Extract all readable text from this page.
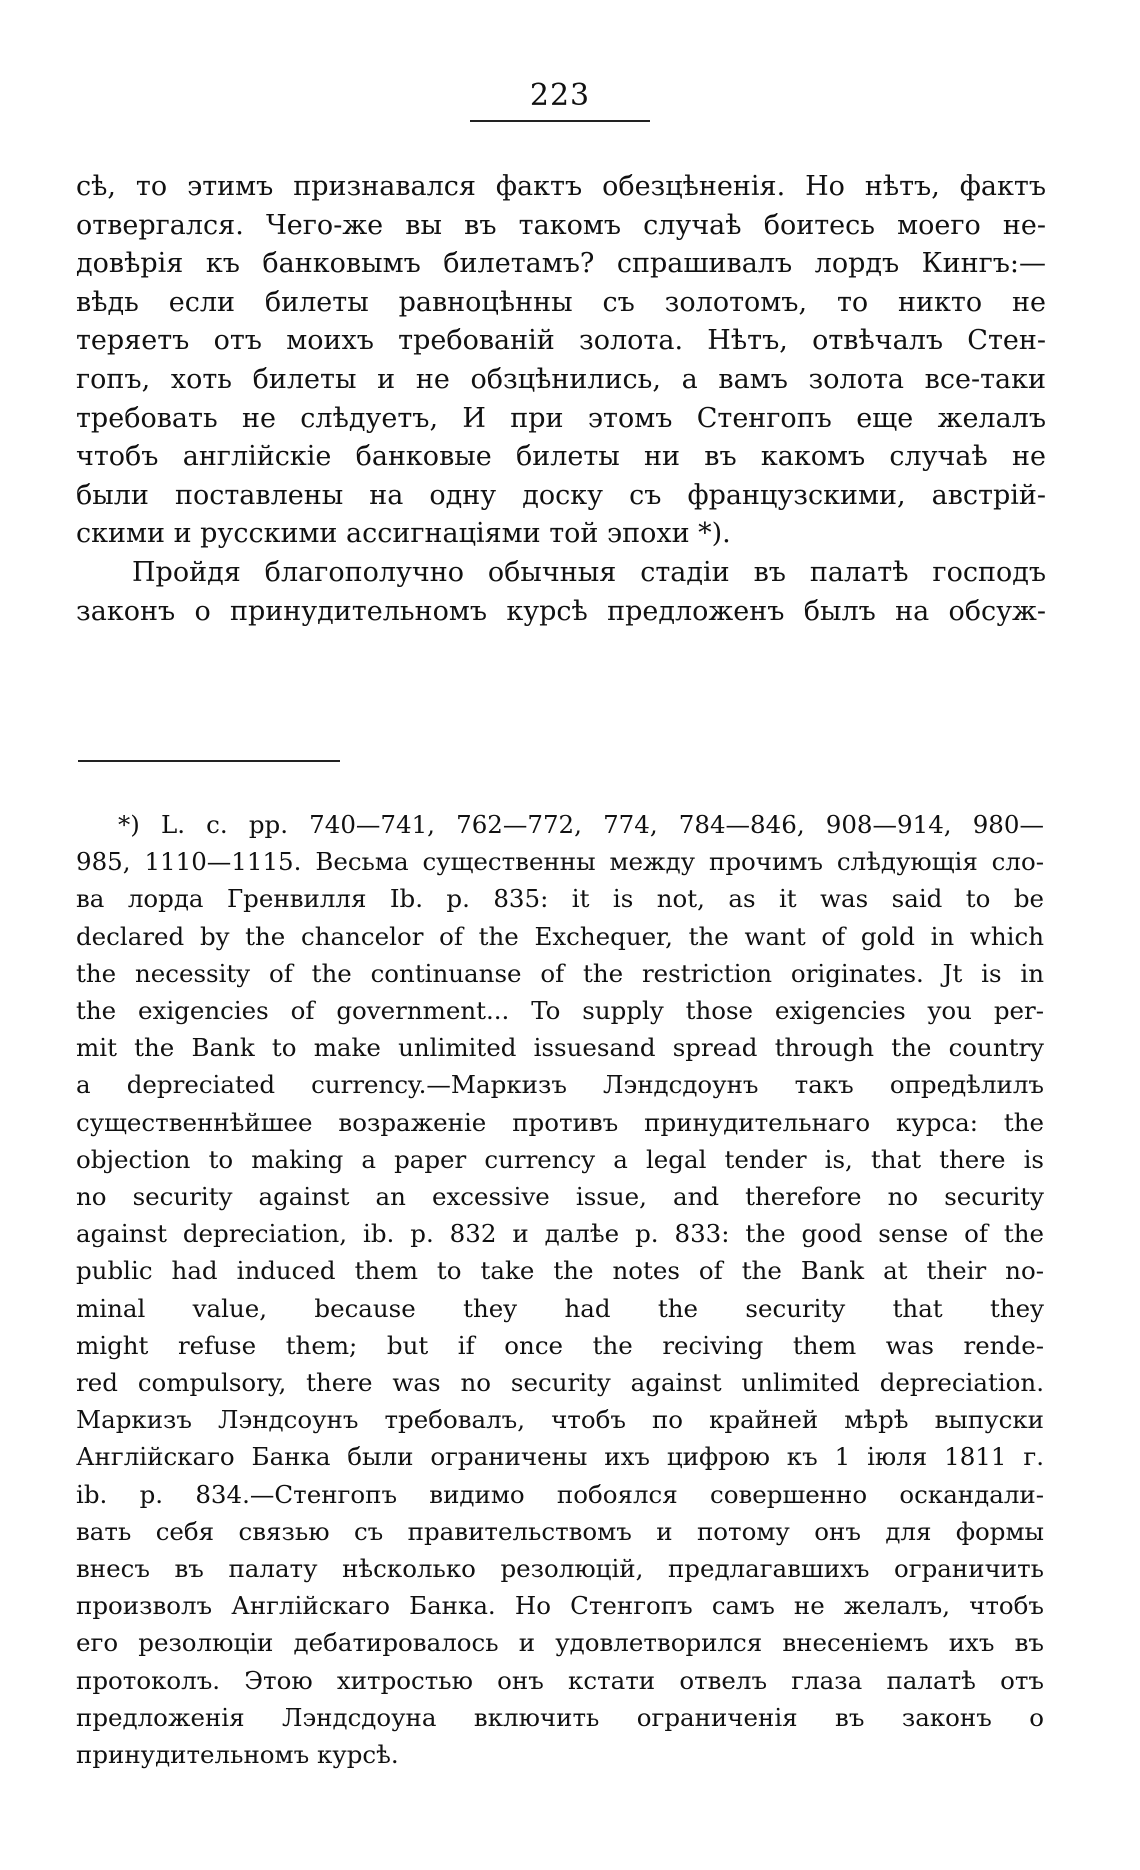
223
сѣ, то этимъ признавался фактъ обезцѣненія. Но нѣтъ, фактъ
отвергался. Чего-же вы въ такомъ случаѣ боитесь моего не-
довѣрія къ банковымъ билетамъ? спрашивалъ лордъ Кингъ:—
вѣдь если билеты равноцѣнны съ золотомъ, то никто не
теряетъ отъ моихъ требованій золота. Нѣтъ, отвѣчалъ Стен-
гопъ, хоть билеты и не обзцѣнились, а вамъ золота все-таки
требовать не слѣдуетъ, И при этомъ Стенгопъ еще желалъ
чтобъ англійскіе банковые билеты ни въ какомъ случаѣ не
были поставлены на одну доску съ французскими, австрій-
скими и русскими ассигнаціями той эпохи *).
Пройдя благополучно обычныя стадіи въ палатѣ господъ
законъ о принудительномъ курсѣ предложенъ былъ на обсуж-
*) L. c. pp. 740—741, 762—772, 774, 784—846, 908—914, 980—
985, 1110—1115. Весьма существенны между прочимъ слѣдующія сло-
ва лорда Гренвилля Ib. p. 835: it is not, as it was said to be
declared by the chancelor of the Exchequer, the want of gold in which
the necessity of the continuanse of the restriction originates. Jt is in
the exigencies of government... To supply those exigencies you per-
mit the Bank to make unlimited issuesand spread through the country
a depreciated currency.—Маркизъ Лэндсдоунъ такъ опредѣлилъ
существеннѣйшее возраженіе противъ принудительнаго курса: the
objection to making a paper currency a legal tender is, that there is
no security against an excessive issue, and therefore no security
against depreciation, ib. p. 832 и далѣе p. 833: the good sense of the
public had induced them to take the notes of the Bank at their no-
minal value, because they had the security that they
might refuse them; but if once the reciving them was rende-
red compulsory, there was no security against unlimited depreciation.
Маркизъ Лэндсоунъ требовалъ, чтобъ по крайней мѣрѣ выпуски
Англійскаго Банка были ограничены ихъ цифрою къ 1 іюля 1811 г.
ib. p. 834.—Стенгопъ видимо побоялся совершенно оскандали-
вать себя связью съ правительствомъ и потому онъ для формы
внесъ въ палату нѣсколько резолюцій, предлагавшихъ ограничить
произволъ Англійскаго Банка. Но Стенгопъ самъ не желалъ, чтобъ
его резолюціи дебатировалось и удовлетворился внесеніемъ ихъ въ
протоколъ. Этою хитростью онъ кстати отвелъ глаза палатѣ отъ
предложенія Лэндсдоуна включить ограниченія въ законъ о
принудительномъ курсѣ.
